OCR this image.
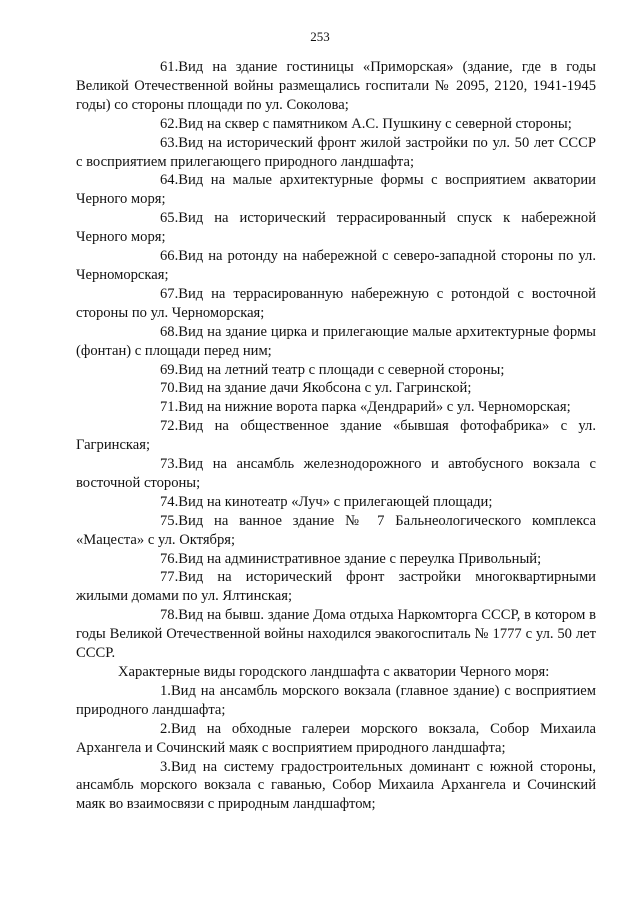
253

61.Вид на здание гостиницы «Приморская» (здание, где в годы Великой Отечественной войны размещались госпитали № 2095, 2120, 1941-1945 годы) со стороны площади по ул. Соколова;

62.Вид на сквер с памятником А.С. Пушкину с северной стороны;

63.Вид на исторический фронт жилой застройки по ул. 50 лет СССР с восприятием прилегающего природного ландшафта;

64.Вид на малые архитектурные формы с восприятием акватории Черного моря;

65.Вид на исторический террасированный спуск к набережной Черного моря;

66.Вид на ротонду на набережной с северо-западной стороны по ул. Черноморская;

67.Вид на террасированную набережную с ротондой с восточной стороны по ул. Черноморская;

68.Вид на здание цирка и прилегающие малые архитектурные формы (фонтан) с площади перед ним;

69.Вид на летний театр с площади с северной стороны;

70.Вид на здание дачи Якобсона с ул. Гагринской;

71.Вид на нижние ворота парка «Дендрарий» с ул. Черноморская;

72.Вид на общественное здание «бывшая фотофабрика» с ул. Гагринская;

73.Вид на ансамбль железнодорожного и автобусного вокзала с восточной стороны;

74.Вид на кинотеатр «Луч» с прилегающей площади;

75.Вид на ванное здание № 7 Бальнеологического комплекса «Мацеста» с ул. Октября;

76.Вид на административное здание с переулка Привольный;

77.Вид на исторический фронт застройки многоквартирными жилыми домами по ул. Ялтинская;

78.Вид на бывш. здание Дома отдыха Наркомторга СССР, в котором в годы Великой Отечественной войны находился эвакогоспиталь № 1777 с ул. 50 лет СССР.

Характерные виды городского ландшафта с акватории Черного моря:

1.Вид на ансамбль морского вокзала (главное здание) с восприятием природного ландшафта;

2.Вид на обходные галереи морского вокзала, Собор Михаила Архангела и Сочинский маяк с восприятием природного ландшафта;

3.Вид на систему градостроительных доминант с южной стороны, ансамбль морского вокзала с гаванью, Собор Михаила Архангела и Сочинский маяк во взаимосвязи с природным ландшафтом;
